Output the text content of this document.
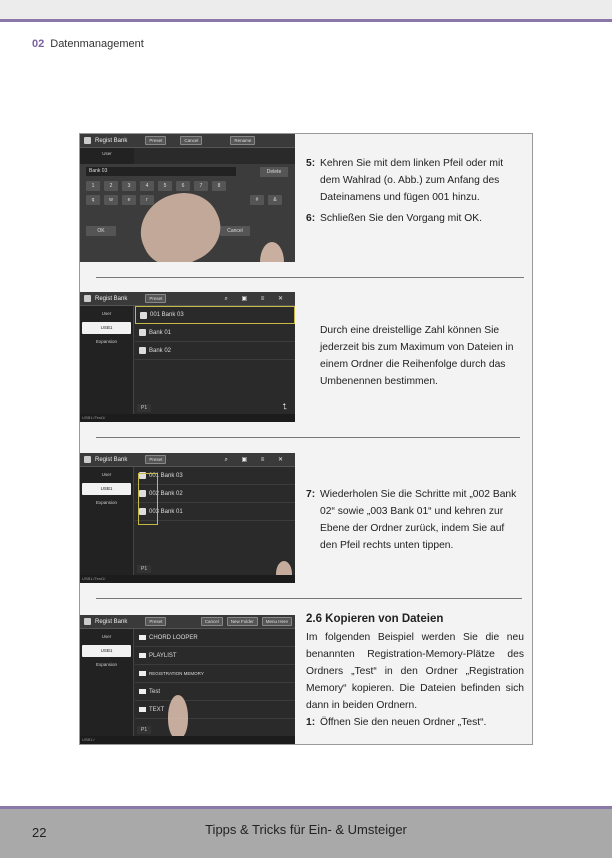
02 Datenmanagement
Regist Bank	Preset	Cancel	Rename
User
Bank 03	Delete
1	2	3	4	5	6	7	8
q	w	e	r	#	&
OK	Cancel
5: Kehren Sie mit dem linken Pfeil oder mit dem Wahlrad (o. Abb.) zum Anfang des Dateinamens und fügen 001 hinzu.
6: Schließen Sie den Vorgang mit OK.
Regist Bank	Preset	⌕ ▣ ≡ ✕
User
USB1
Expansion
001 Bank 03
Bank 01
Bank 02
P1	⮤
USB1:/Test1/
Durch eine dreistellige Zahl können Sie jederzeit bis zum Maximum von Dateien in einem Ordner die Reihenfolge durch das Umbenennen bestimmen.
Regist Bank	Preset	⌕ ▣ ≡ ✕
User
USB1
Expansion
001 Bank 03
002 Bank 02
003 Bank 01
P1
USB1:/Test1/
7: Wiederholen Sie die Schritte mit „002 Bank 02“ sowie „003 Bank 01“ und kehren zur Ebene der Ordner zurück, indem Sie auf den Pfeil rechts unten tippen.
Regist Bank	Preset	Cancel	New Folder	Menu Here
User
USB1
Expansion
CHORD LOOPER
PLAYLIST
REGISTRATION MEMORY
Test
TEXT
P1
USB1:/
2.6 Kopieren von Dateien
Im folgenden Beispiel werden Sie die neu benannten Registration-Memory-Plätze des Ordners „Test“ in den Ordner „Registration Memory“ kopieren. Die Dateien befinden sich dann in beiden Ordnern.
1: Öffnen Sie den neuen Ordner „Test“.
22	Tipps & Tricks für Ein- & Umsteiger
